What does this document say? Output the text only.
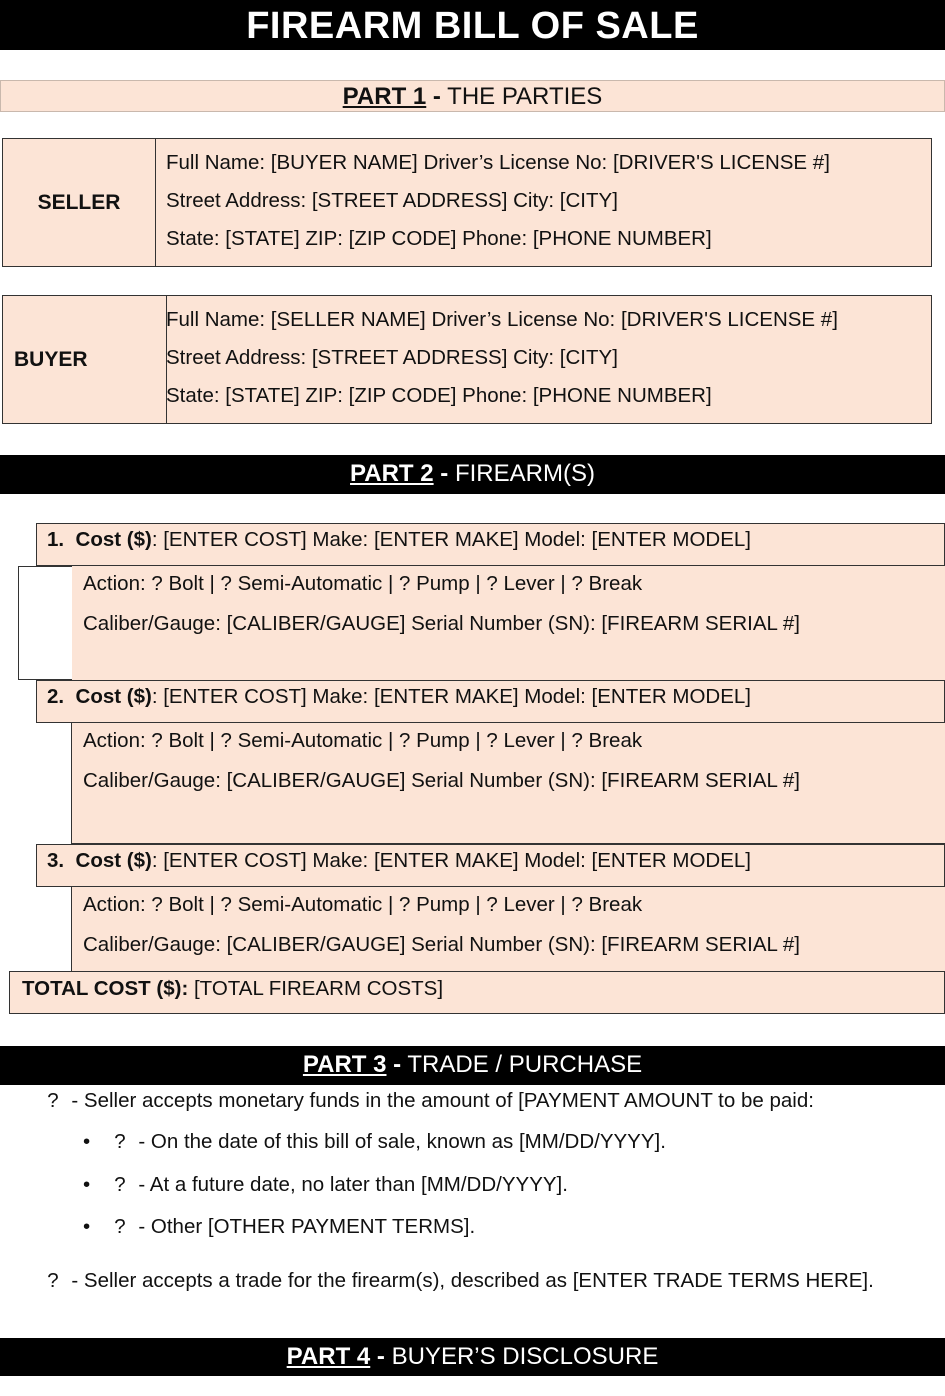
FIREARM BILL OF SALE
PART 1 - THE PARTIES
SELLER
Full Name: [BUYER NAME] Driver’s License No: [DRIVER'S LICENSE #]
Street Address: [STREET ADDRESS] City: [CITY]
State: [STATE] ZIP: [ZIP CODE] Phone: [PHONE NUMBER]
BUYER
Full Name: [SELLER NAME] Driver’s License No: [DRIVER'S LICENSE #]
Street Address: [STREET ADDRESS] City: [CITY]
State: [STATE] ZIP: [ZIP CODE] Phone: [PHONE NUMBER]
PART 2 - FIREARM(S)
1. Cost ($): [ENTER COST] Make: [ENTER MAKE] Model: [ENTER MODEL]
Action: ? Bolt | ? Semi-Automatic | ? Pump | ? Lever | ? Break
Caliber/Gauge: [CALIBER/GAUGE] Serial Number (SN): [FIREARM SERIAL #]
2. Cost ($): [ENTER COST] Make: [ENTER MAKE] Model: [ENTER MODEL]
Action: ? Bolt | ? Semi-Automatic | ? Pump | ? Lever | ? Break
Caliber/Gauge: [CALIBER/GAUGE] Serial Number (SN): [FIREARM SERIAL #]
3. Cost ($): [ENTER COST] Make: [ENTER MAKE] Model: [ENTER MODEL]
Action: ? Bolt | ? Semi-Automatic | ? Pump | ? Lever | ? Break
Caliber/Gauge: [CALIBER/GAUGE] Serial Number (SN): [FIREARM SERIAL #]
TOTAL COST ($): [TOTAL FIREARM COSTS]
PART 3 - TRADE / PURCHASE
? - Seller accepts monetary funds in the amount of [PAYMENT AMOUNT to be paid:
• ? - On the date of this bill of sale, known as [MM/DD/YYYY].
• ? - At a future date, no later than [MM/DD/YYYY].
• ? - Other [OTHER PAYMENT TERMS].
? - Seller accepts a trade for the firearm(s), described as [ENTER TRADE TERMS HERE].
PART 4 - BUYER’S DISCLOSURE
